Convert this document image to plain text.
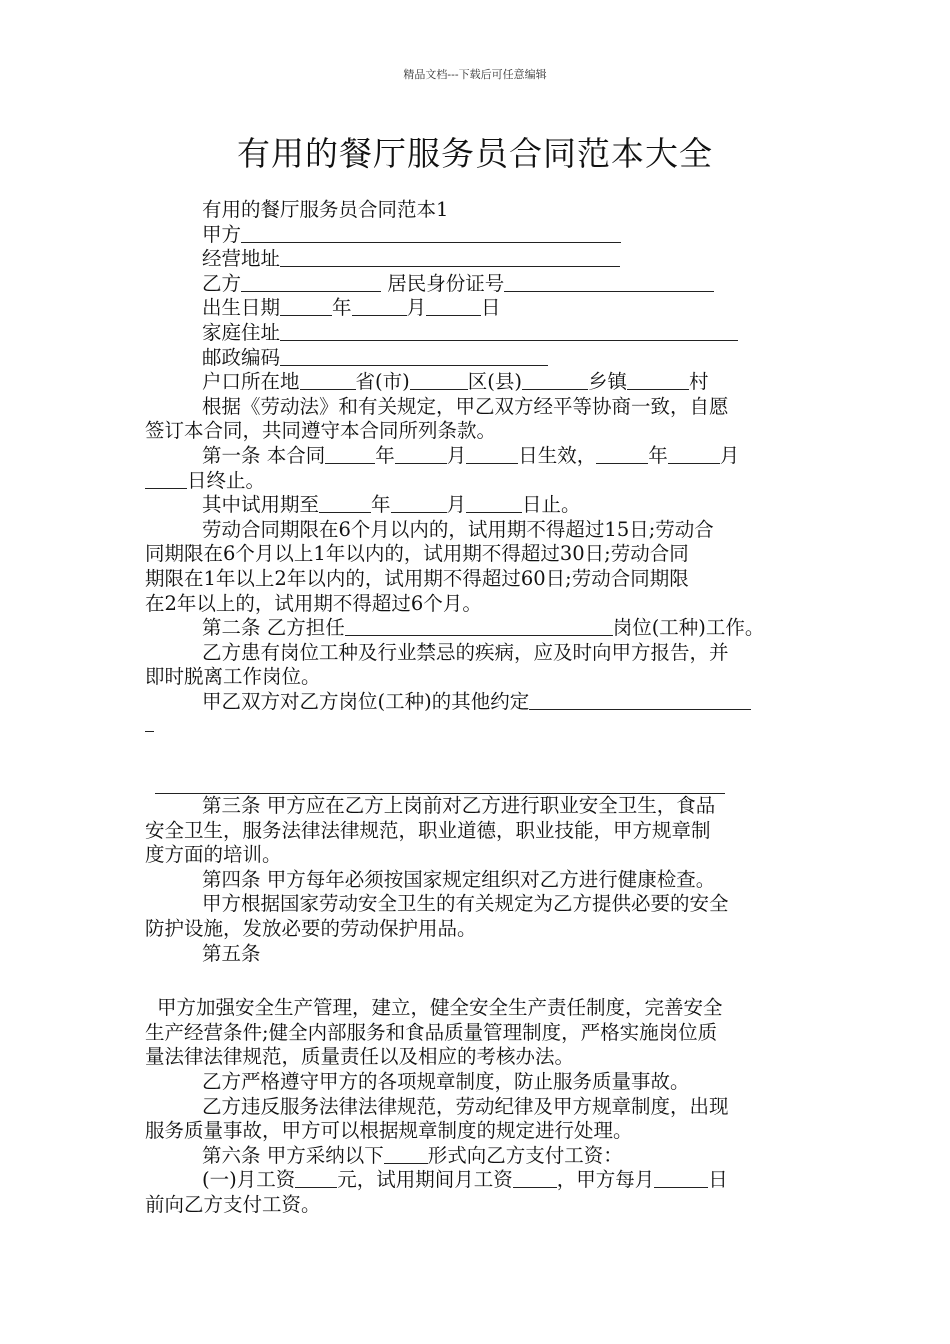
精品文档---下载后可任意编辑
有用的餐厅服务员合同范本大全
有用的餐厅服务员合同范本1
甲方
经营地址
乙方	居民身份证号
出生日期	年	月	日
家庭住址
邮政编码
户口所在地	省(市)	区(县)	乡镇	村
根据《劳动法》和有关规定，甲乙双方经平等协商一致，自愿
签订本合同，共同遵守本合同所列条款。
第一条 本合同	年	月	日生效，	年	月
日终止。
其中试用期至	年	月	日止。
劳动合同期限在6个月以内的，试用期不得超过15日;劳动合
同期限在6个月以上1年以内的，试用期不得超过30日;劳动合同
期限在1年以上2年以内的，试用期不得超过60日;劳动合同期限
在2年以上的，试用期不得超过6个月。
第二条 乙方担任	岗位(工种)工作。
乙方患有岗位工种及行业禁忌的疾病，应及时向甲方报告，并
即时脱离工作岗位。
甲乙双方对乙方岗位(工种)的其他约定
第三条 甲方应在乙方上岗前对乙方进行职业安全卫生，食品
安全卫生，服务法律法律规范，职业道德，职业技能，甲方规章制
度方面的培训。
第四条 甲方每年必须按国家规定组织对乙方进行健康检查。
甲方根据国家劳动安全卫生的有关规定为乙方提供必要的安全
防护设施，发放必要的劳动保护用品。
第五条
甲方加强安全生产管理，建立，健全安全生产责任制度，完善安全
生产经营条件;健全内部服务和食品质量管理制度，严格实施岗位质
量法律法律规范，质量责任以及相应的考核办法。
乙方严格遵守甲方的各项规章制度，防止服务质量事故。
乙方违反服务法律法律规范，劳动纪律及甲方规章制度，出现
服务质量事故，甲方可以根据规章制度的规定进行处理。
第六条 甲方采纳以下 形式向乙方支付工资：
(一)月工资 元，试用期间月工资 ，甲方每月	日
前向乙方支付工资。
